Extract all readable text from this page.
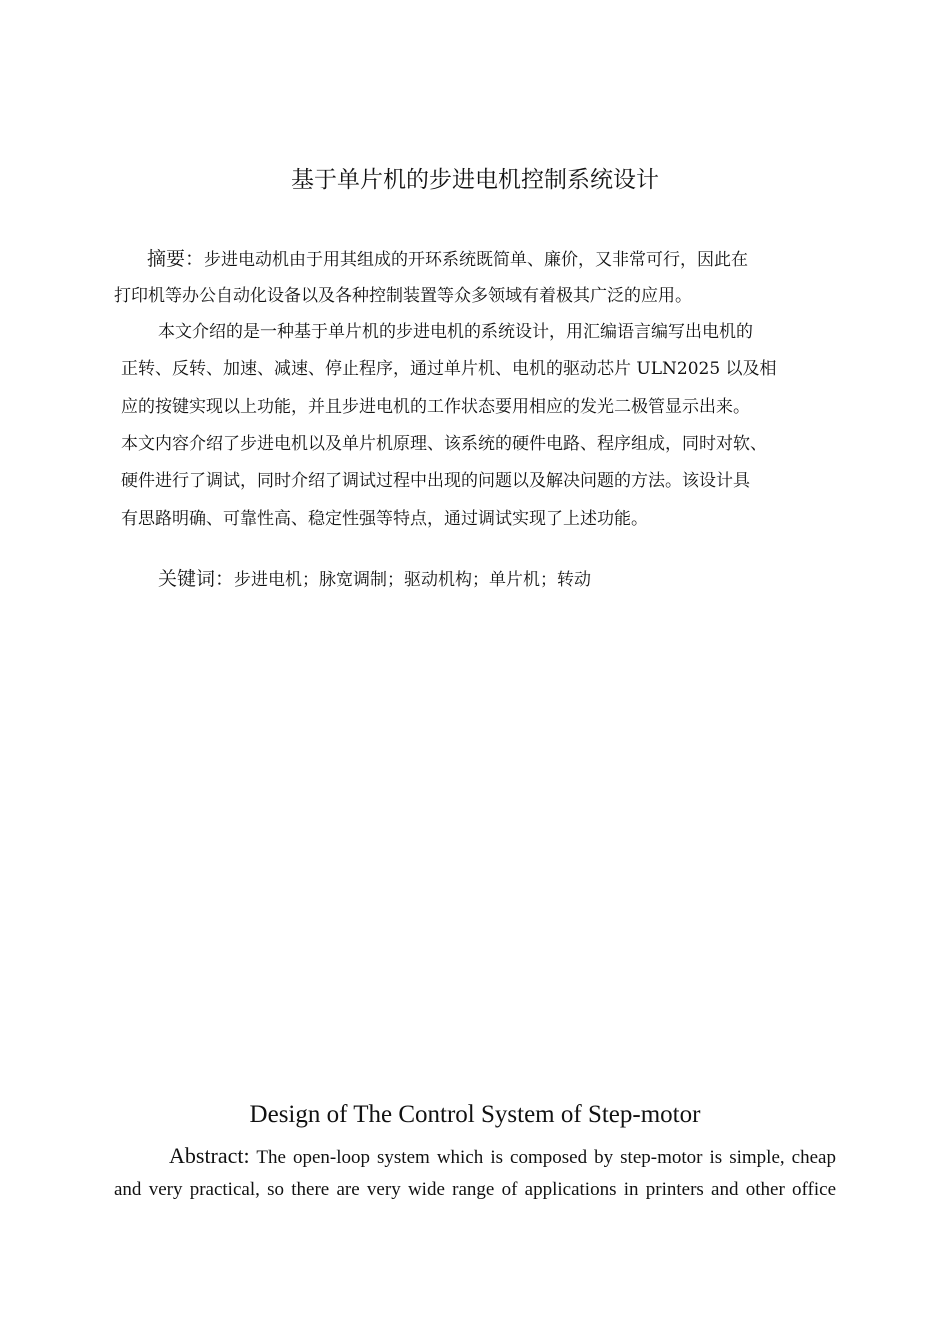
基于单片机的步进电机控制系统设计
摘要：步进电动机由于用其组成的开环系统既简单、廉价，又非常可行，因此在
打印机等办公自动化设备以及各种控制装置等众多领域有着极其广泛的应用。
本文介绍的是一种基于单片机的步进电机的系统设计，用汇编语言编写出电机的
正转、反转、加速、减速、停止程序，通过单片机、电机的驱动芯片 ULN2025 以及相
应的按键实现以上功能，并且步进电机的工作状态要用相应的发光二极管显示出来。
本文内容介绍了步进电机以及单片机原理、该系统的硬件电路、程序组成，同时对软、
硬件进行了调试，同时介绍了调试过程中出现的问题以及解决问题的方法。该设计具
有思路明确、可靠性高、稳定性强等特点，通过调试实现了上述功能。
关键词：步进电机；脉宽调制；驱动机构；单片机；转动
Design of The Control System of Step-motor
Abstract: The open-loop system which is composed by step-motor is simple, cheap
and very practical, so there are very wide range of applications in printers and other office
